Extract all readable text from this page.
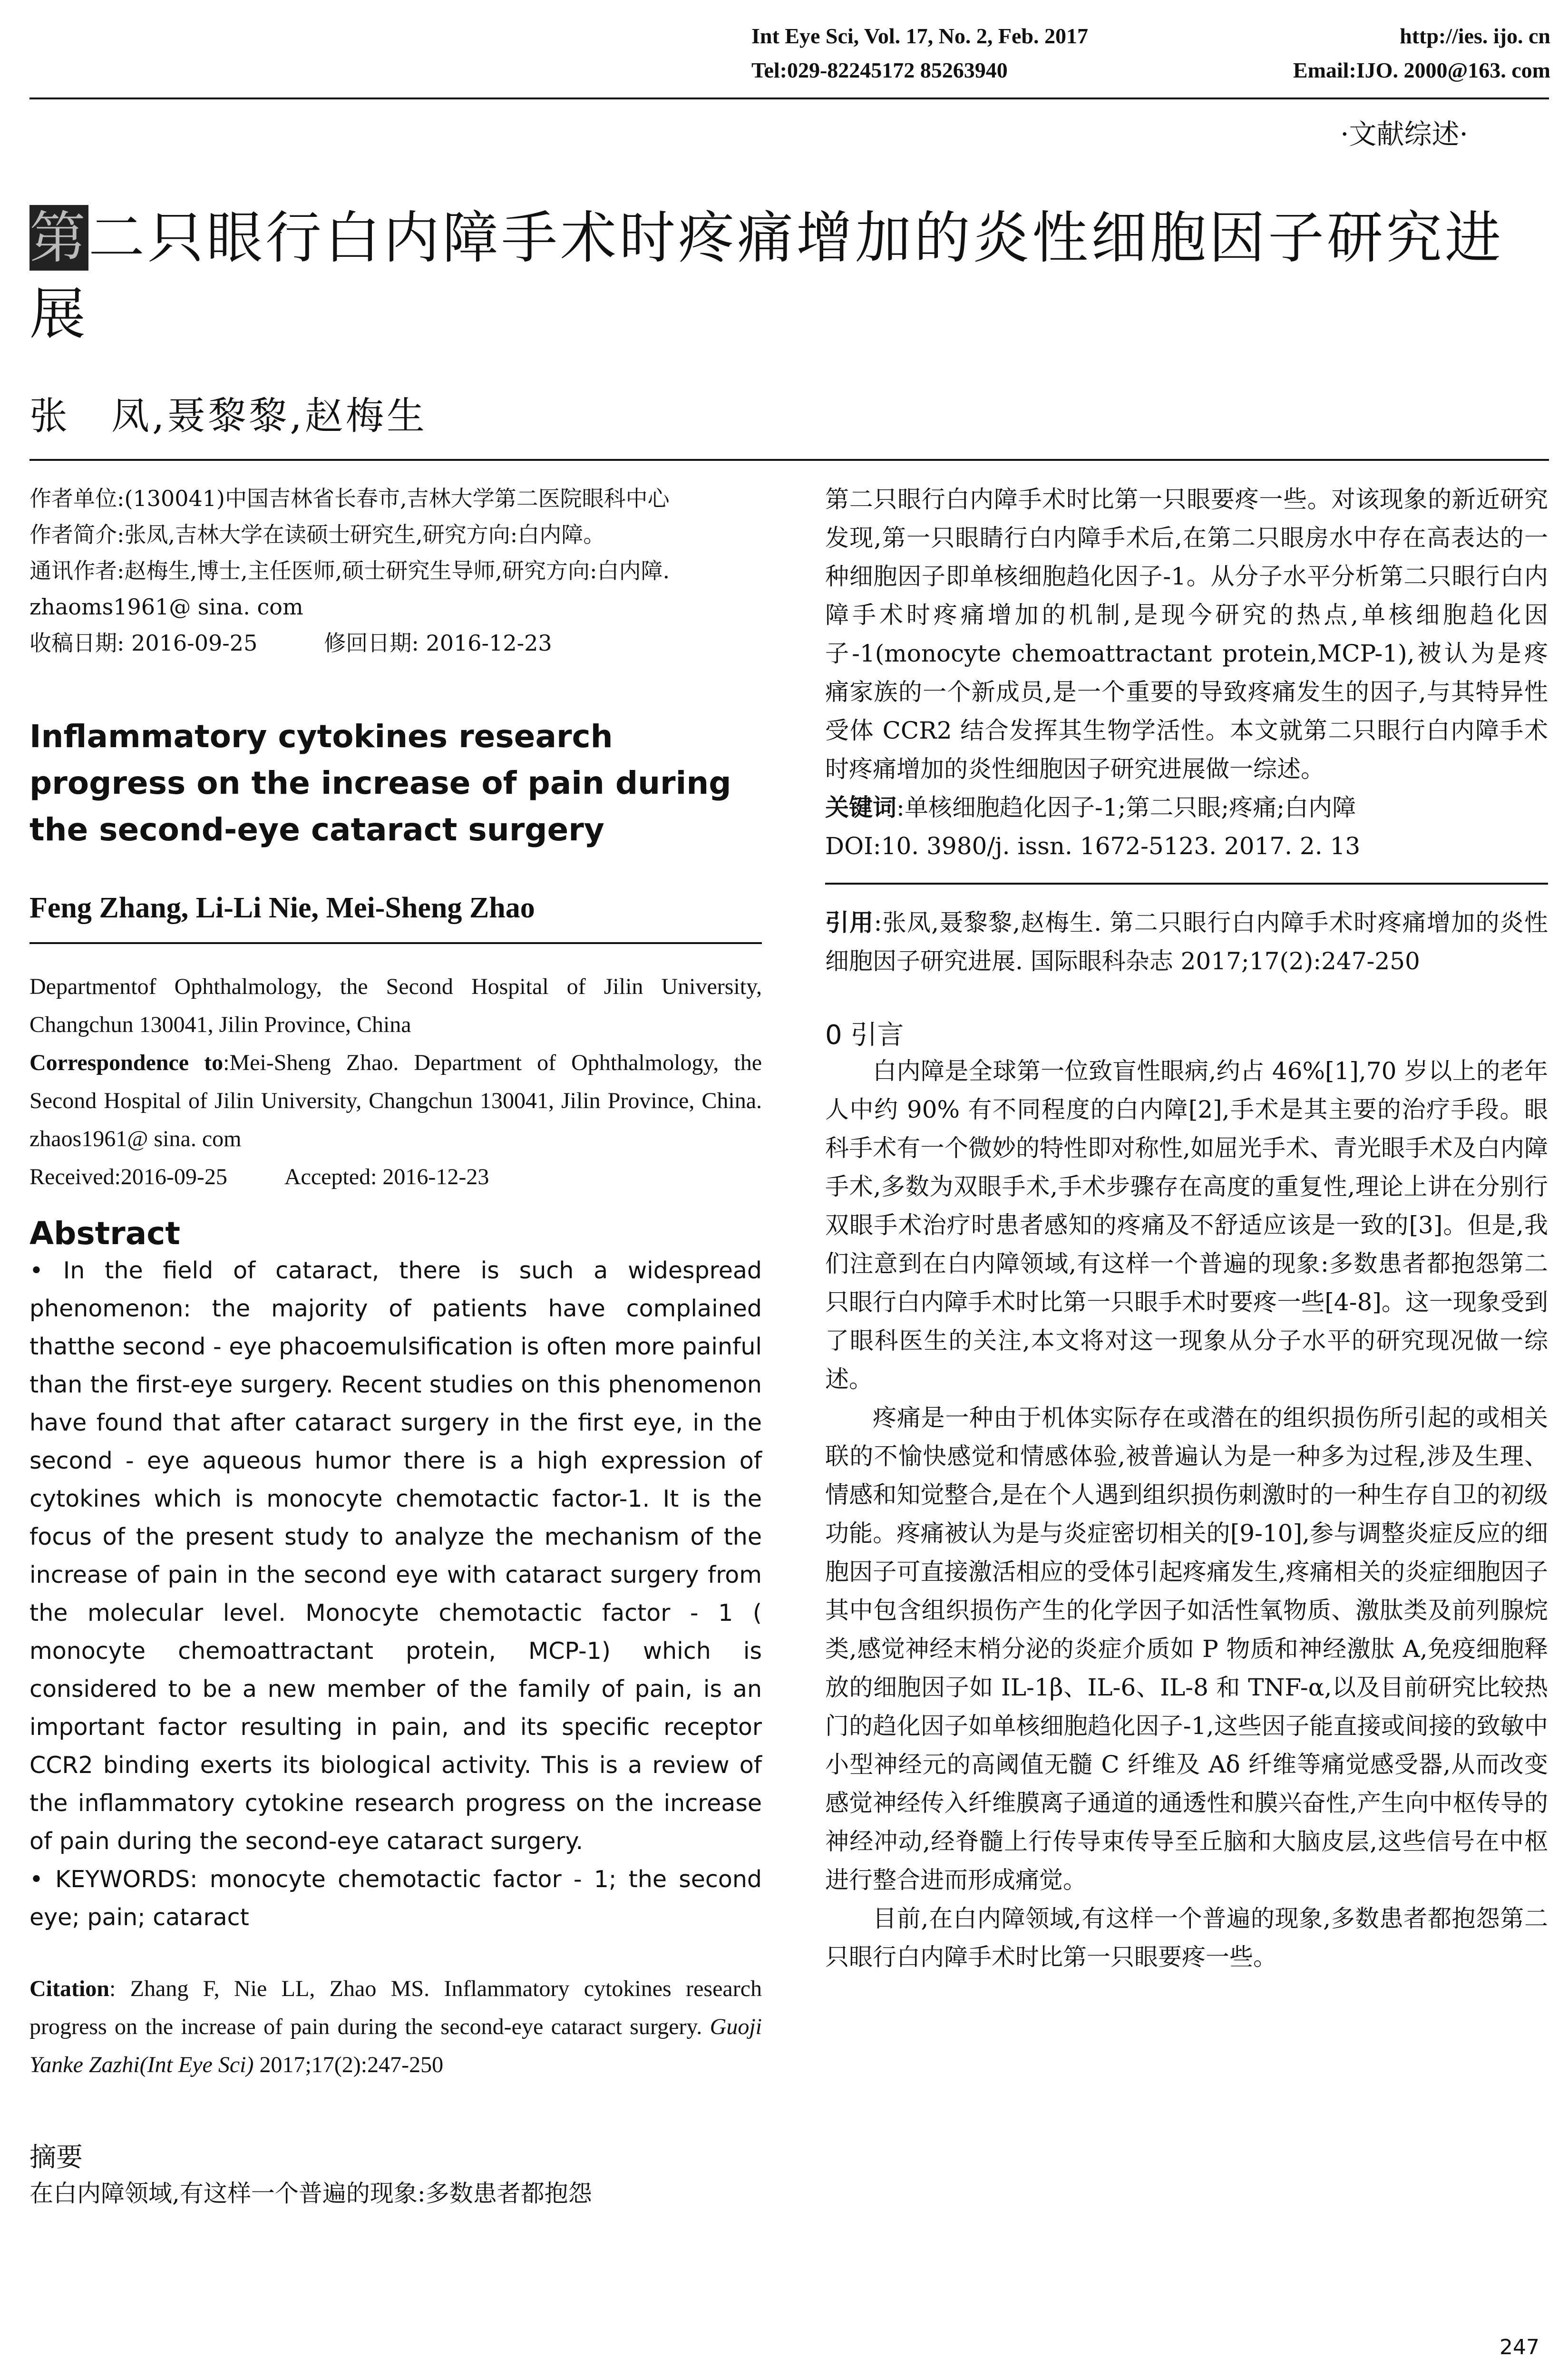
Int Eye Sci, Vol. 17, No. 2, Feb. 2017	http://ies. ijo. cn
Tel:029-82245172 85263940	Email:IJO. 2000@163. com
·文献综述·
第二只眼行白内障手术时疼痛增加的炎性细胞因子研究进展
张　凤,聂黎黎,赵梅生

作者单位:(130041)中国吉林省长春市,吉林大学第二医院眼科中心

作者简介:张凤,吉林大学在读硕士研究生,研究方向:白内障。

通讯作者:赵梅生,博士,主任医师,硕士研究生导师,研究方向:白内障. zhaoms1961@ sina. com

收稿日期: 2016-09-25	修回日期: 2016-12-23

Inflammatory cytokines research progress on the increase of pain during the second-eye cataract surgery

Feng Zhang, Li-Li Nie, Mei-Sheng Zhao

Departmentof Ophthalmology, the Second Hospital of Jilin University, Changchun 130041, Jilin Province, China

Correspondence to:Mei-Sheng Zhao. Department of Ophthalmology, the Second Hospital of Jilin University, Changchun 130041, Jilin Province, China. zhaos1961@ sina. com

Received:2016-09-25	Accepted: 2016-12-23

Abstract

• In the field of cataract, there is such a widespread phenomenon: the majority of patients have complained thatthe second - eye phacoemulsification is often more painful than the first-eye surgery. Recent studies on this phenomenon have found that after cataract surgery in the first eye, in the second - eye aqueous humor there is a high expression of cytokines which is monocyte chemotactic factor-1. It is the focus of the present study to analyze the mechanism of the increase of pain in the second eye with cataract surgery from the molecular level. Monocyte chemotactic factor - 1 ( monocyte chemoattractant protein, MCP-1) which is considered to be a new member of the family of pain, is an important factor resulting in pain, and its specific receptor CCR2 binding exerts its biological activity. This is a review of the inflammatory cytokine research progress on the increase of pain during the second-eye cataract surgery.

• KEYWORDS: monocyte chemotactic factor - 1; the second eye; pain; cataract

Citation: Zhang F, Nie LL, Zhao MS. Inflammatory cytokines research progress on the increase of pain during the second-eye cataract surgery. Guoji Yanke Zazhi(Int Eye Sci) 2017;17(2):247-250

摘要

在白内障领域,有这样一个普遍的现象:多数患者都抱怨

第二只眼行白内障手术时比第一只眼要疼一些。对该现象的新近研究发现,第一只眼睛行白内障手术后,在第二只眼房水中存在高表达的一种细胞因子即单核细胞趋化因子-1。从分子水平分析第二只眼行白内障手术时疼痛增加的机制,是现今研究的热点,单核细胞趋化因子-1(monocyte chemoattractant protein,MCP-1),被认为是疼痛家族的一个新成员,是一个重要的导致疼痛发生的因子,与其特异性受体 CCR2 结合发挥其生物学活性。本文就第二只眼行白内障手术时疼痛增加的炎性细胞因子研究进展做一综述。

关键词:单核细胞趋化因子-1;第二只眼;疼痛;白内障

DOI:10. 3980/j. issn. 1672-5123. 2017. 2. 13

引用:张凤,聂黎黎,赵梅生. 第二只眼行白内障手术时疼痛增加的炎性细胞因子研究进展. 国际眼科杂志 2017;17(2):247-250

0 引言

白内障是全球第一位致盲性眼病,约占 46%[1],70 岁以上的老年人中约 90% 有不同程度的白内障[2],手术是其主要的治疗手段。眼科手术有一个微妙的特性即对称性,如屈光手术、青光眼手术及白内障手术,多数为双眼手术,手术步骤存在高度的重复性,理论上讲在分别行双眼手术治疗时患者感知的疼痛及不舒适应该是一致的[3]。但是,我们注意到在白内障领域,有这样一个普遍的现象:多数患者都抱怨第二只眼行白内障手术时比第一只眼手术时要疼一些[4-8]。这一现象受到了眼科医生的关注,本文将对这一现象从分子水平的研究现况做一综述。

疼痛是一种由于机体实际存在或潜在的组织损伤所引起的或相关联的不愉快感觉和情感体验,被普遍认为是一种多为过程,涉及生理、情感和知觉整合,是在个人遇到组织损伤刺激时的一种生存自卫的初级功能。疼痛被认为是与炎症密切相关的[9-10],参与调整炎症反应的细胞因子可直接激活相应的受体引起疼痛发生,疼痛相关的炎症细胞因子其中包含组织损伤产生的化学因子如活性氧物质、激肽类及前列腺烷类,感觉神经末梢分泌的炎症介质如 P 物质和神经激肽 A,免疫细胞释放的细胞因子如 IL-1β、IL-6、IL-8 和 TNF-α,以及目前研究比较热门的趋化因子如单核细胞趋化因子-1,这些因子能直接或间接的致敏中小型神经元的高阈值无髓 C 纤维及 Aδ 纤维等痛觉感受器,从而改变感觉神经传入纤维膜离子通道的通透性和膜兴奋性,产生向中枢传导的神经冲动,经脊髓上行传导束传导至丘脑和大脑皮层,这些信号在中枢进行整合进而形成痛觉。

目前,在白内障领域,有这样一个普遍的现象,多数患者都抱怨第二只眼行白内障手术时比第一只眼要疼一些。

247
